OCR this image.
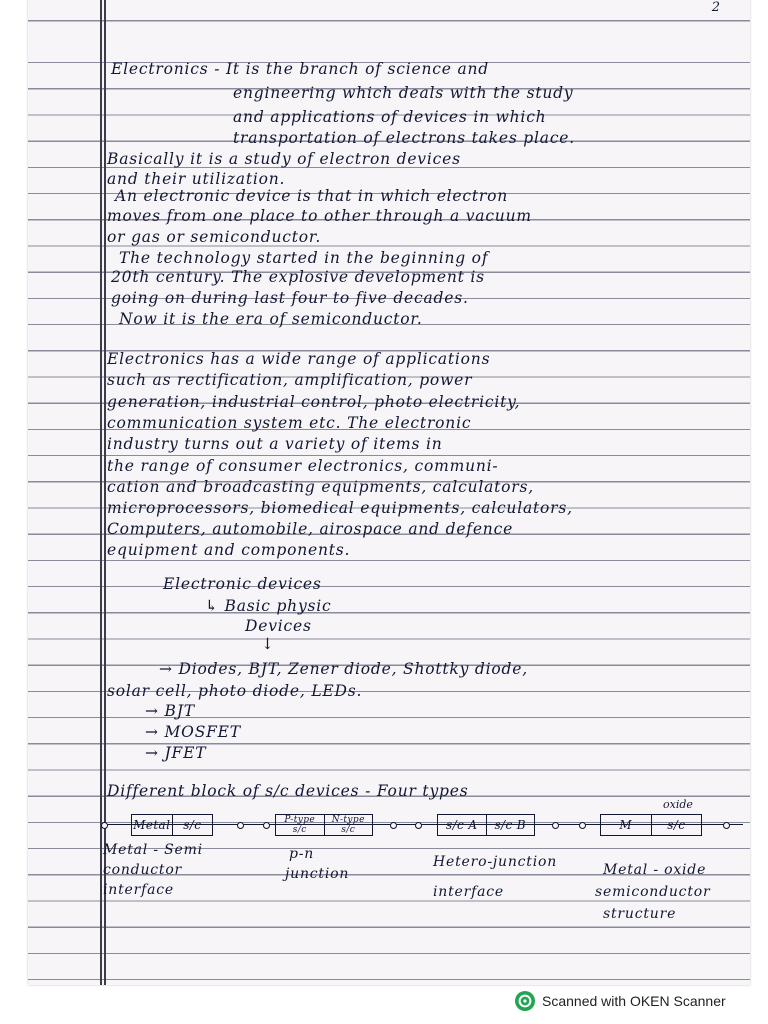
2
Electronics - It is the branch of science and
engineering which deals with the study
and applications of devices in which
transportation of electrons takes place.
Basically it is a study of electron devices
and their utilization.
An electronic device is that in which electron
moves from one place to other through a vacuum
or gas or semiconductor.
The technology started in the beginning of
20th century. The explosive development is
going on during last four to five decades.
Now it is the era of semiconductor.
Electronics has a wide range of applications
such as rectification, amplification, power
generation, industrial control, photo electricity,
communication system etc. The electronic
industry turns out a variety of items in
the range of consumer electronics, communi-
cation and broadcasting equipments, calculators,
microprocessors, biomedical equipments, calculators,
Computers, automobile, airospace and defence
equipment and components.
Electronic devices
↳ Basic physic
Devices
↓
→ Diodes, BJT, Zener diode, Shottky diode,
solar cell, photo diode, LEDs.
→ BJT
→ MOSFET
→ JFET
Different block of s/c devices - Four types
oxide
Metal	s/c	P-type s/c
N-type s/c	s/c A	s/c B	M	s/c
Metal - Semi
conductor
interface
p-n
junction
Hetero-junction
interface
Metal - oxide
semiconductor
structure
Scanned with OKEN Scanner
